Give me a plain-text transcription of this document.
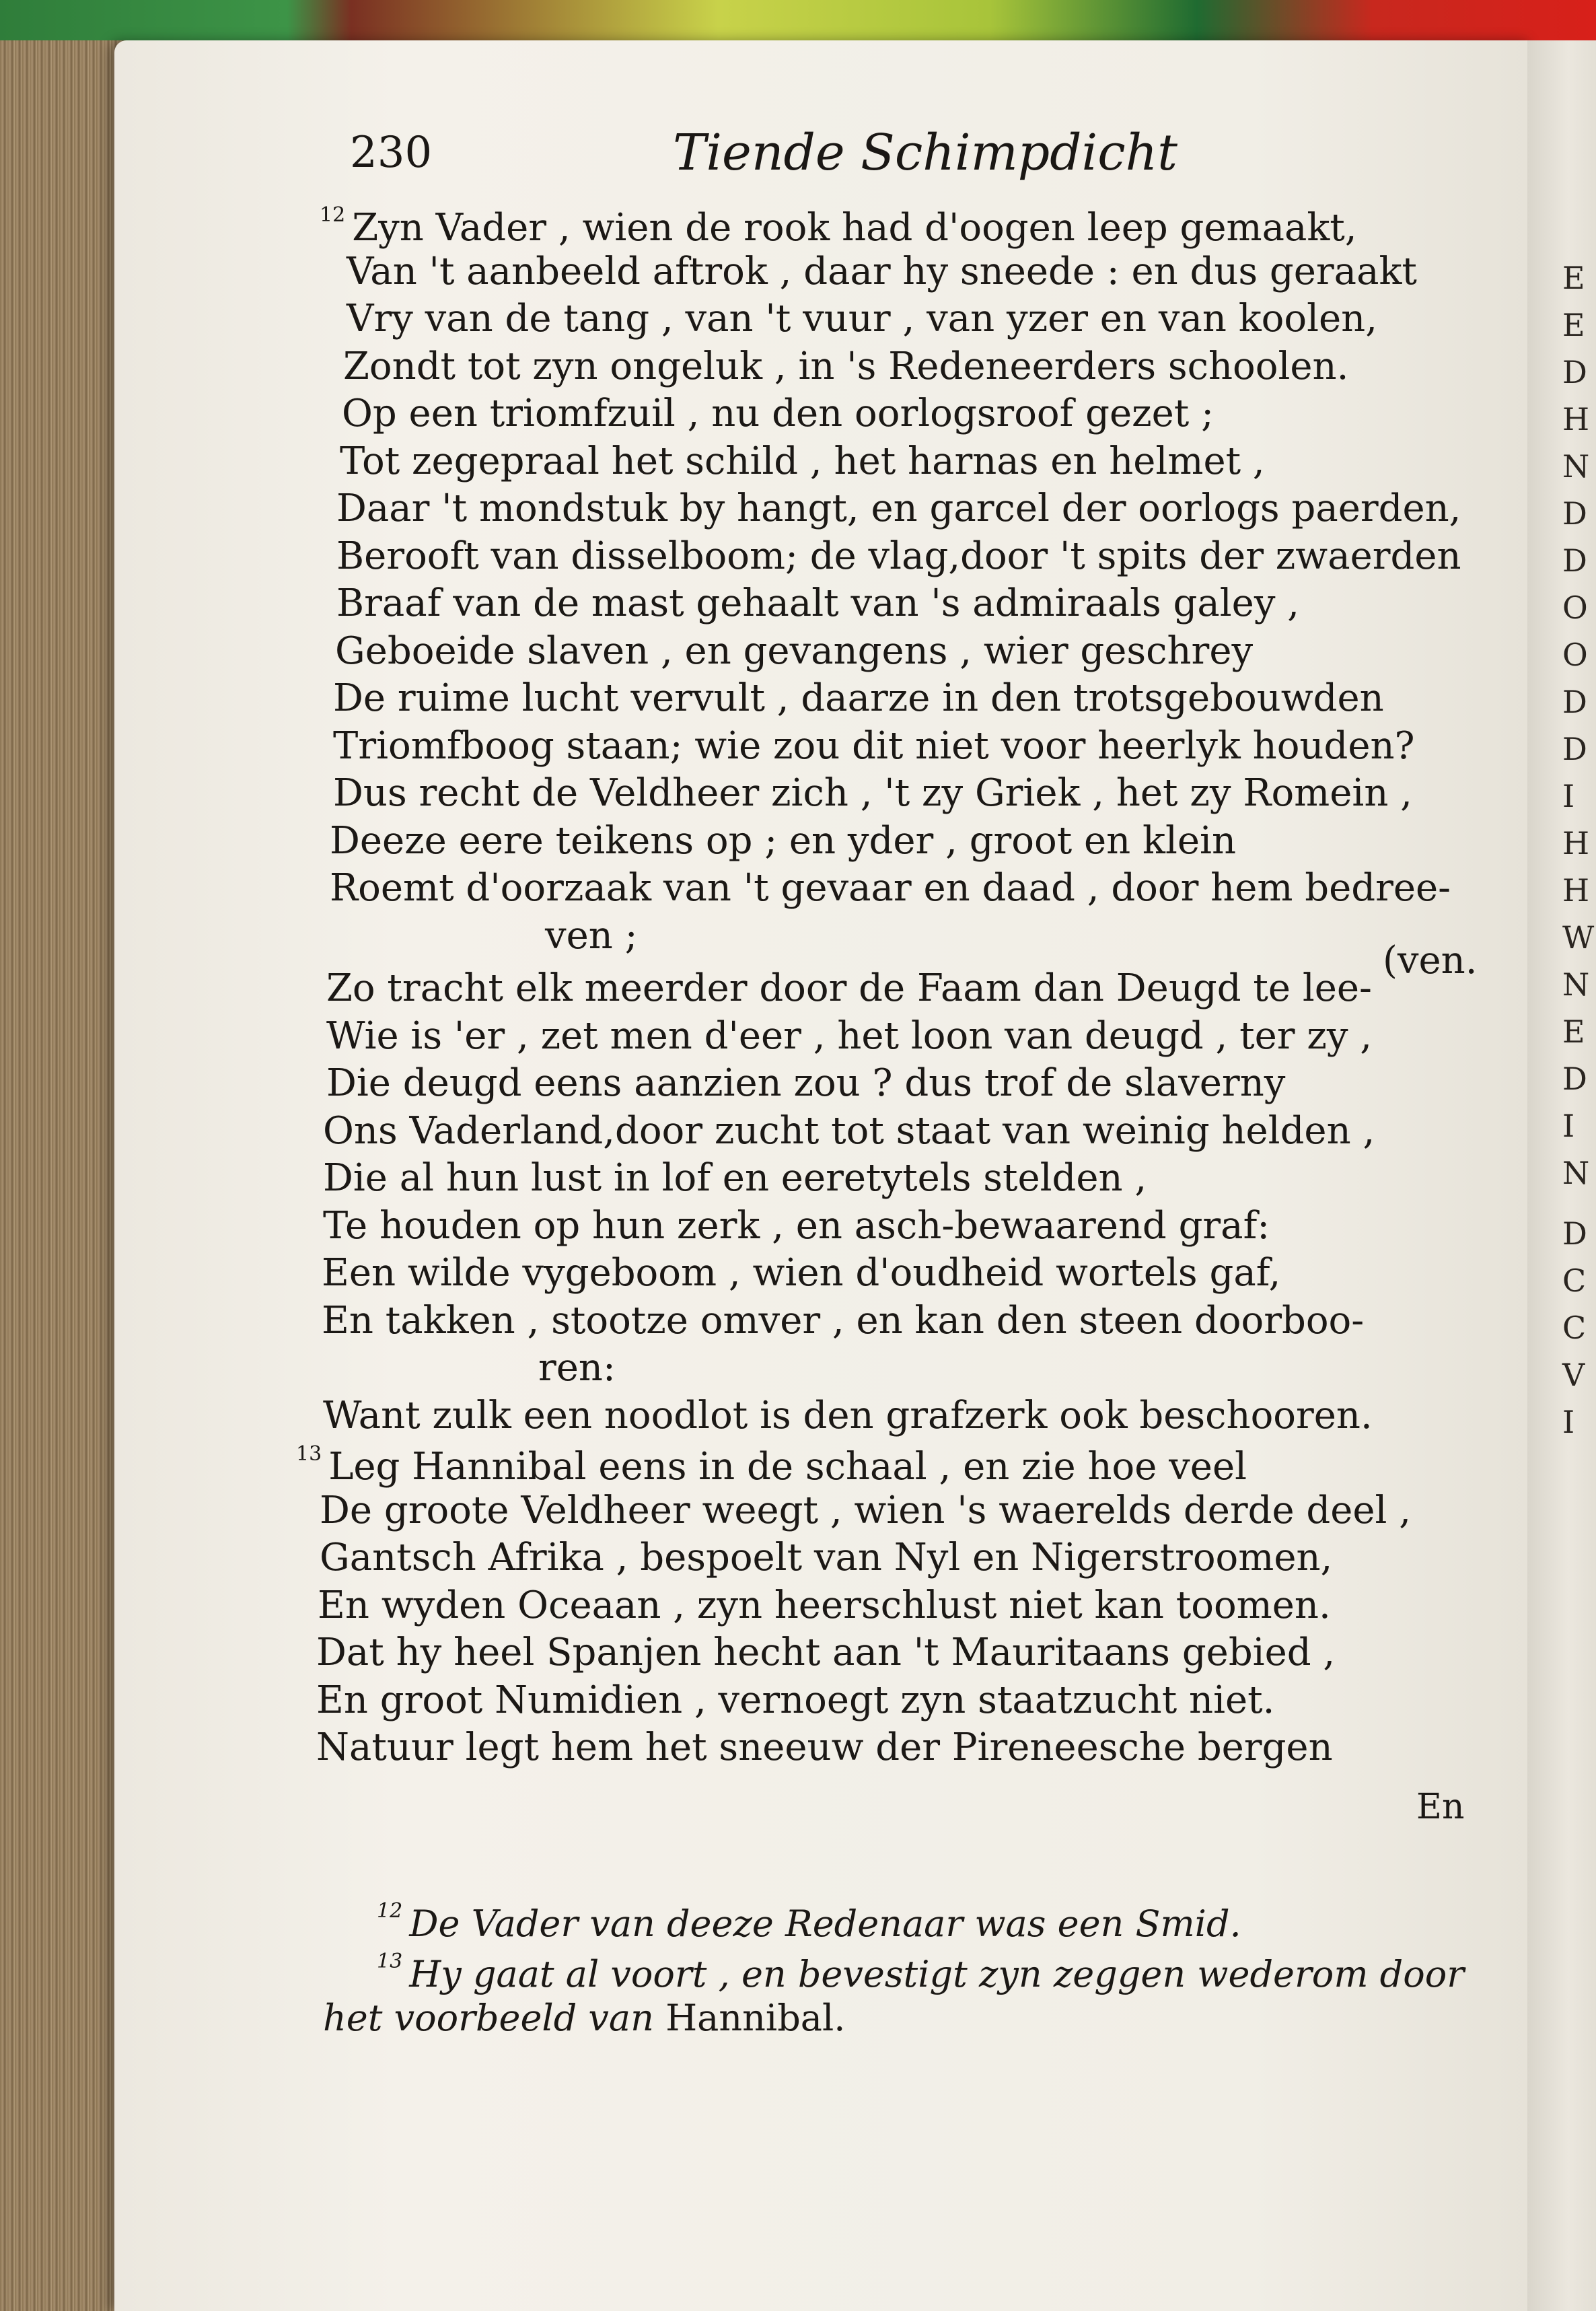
E
E
D
H
N
D
D
O
O
D
D
I
H
H
W
N
E
D
I
N
D
C
C
V
I
230	Tiende Schimpdicht
$^{12}$ Zyn Vader , wien de rook had d'oogen leep gemaakt,
Van 't aanbeeld aftrok , daar hy sneede : en dus geraakt
Vry van de tang , van 't vuur , van yzer en van koolen,
Zondt tot zyn ongeluk , in 's Redeneerders schoolen.
Op een triomfzuil , nu den oorlogsroof gezet ;
Tot zegepraal het schild , het harnas en helmet ,
Daar 't mondstuk by hangt, en garcel der oorlogs paerden,
Berooft van disselboom; de vlag,door 't spits der zwaerden
Braaf van de mast gehaalt van 's admiraals galey ,
Geboeide slaven , en gevangens , wier geschrey
De ruime lucht vervult , daarze in den trotsgebouwden
Triomfboog staan; wie zou dit niet voor heerlyk houden?
Dus recht de Veldheer zich , 't zy Griek , het zy Romein ,
Deeze eere teikens op ; en yder , groot en klein
Roemt d'oorzaak van 't gevaar en daad , door hem bedree-
ven ;
Zo tracht elk meerder door de Faam dan Deugd te lee-
Wie is 'er , zet men d'eer , het loon van deugd , ter zy ,
Die deugd eens aanzien zou ? dus trof de slaverny
Ons Vaderland,door zucht tot staat van weinig helden ,
Die al hun lust in lof en eeretytels stelden ,
Te houden op hun zerk , en asch-bewaarend graf:
Een wilde vygeboom , wien d'oudheid wortels gaf,
En takken , stootze omver , en kan den steen doorboo-
ren:
Want zulk een noodlot is den grafzerk ook beschooren.
$^{13}$ Leg Hannibal eens in de schaal , en zie hoe veel
De groote Veldheer weegt , wien 's waerelds derde deel ,
Gantsch Afrika , bespoelt van Nyl en Nigerstroomen,
En wyden Oceaan , zyn heerschlust niet kan toomen.
Dat hy heel Spanjen hecht aan 't Mauritaans gebied ,
En groot Numidien , vernoegt zyn staatzucht niet.
Natuur legt hem het sneeuw der Pireneesche bergen
(ven.
En
$^{12}$ De Vader van deeze Redenaar was een Smid.
$^{13}$ Hy gaat al voort , en bevestigt zyn zeggen wederom door
het voorbeeld van Hannibal.
